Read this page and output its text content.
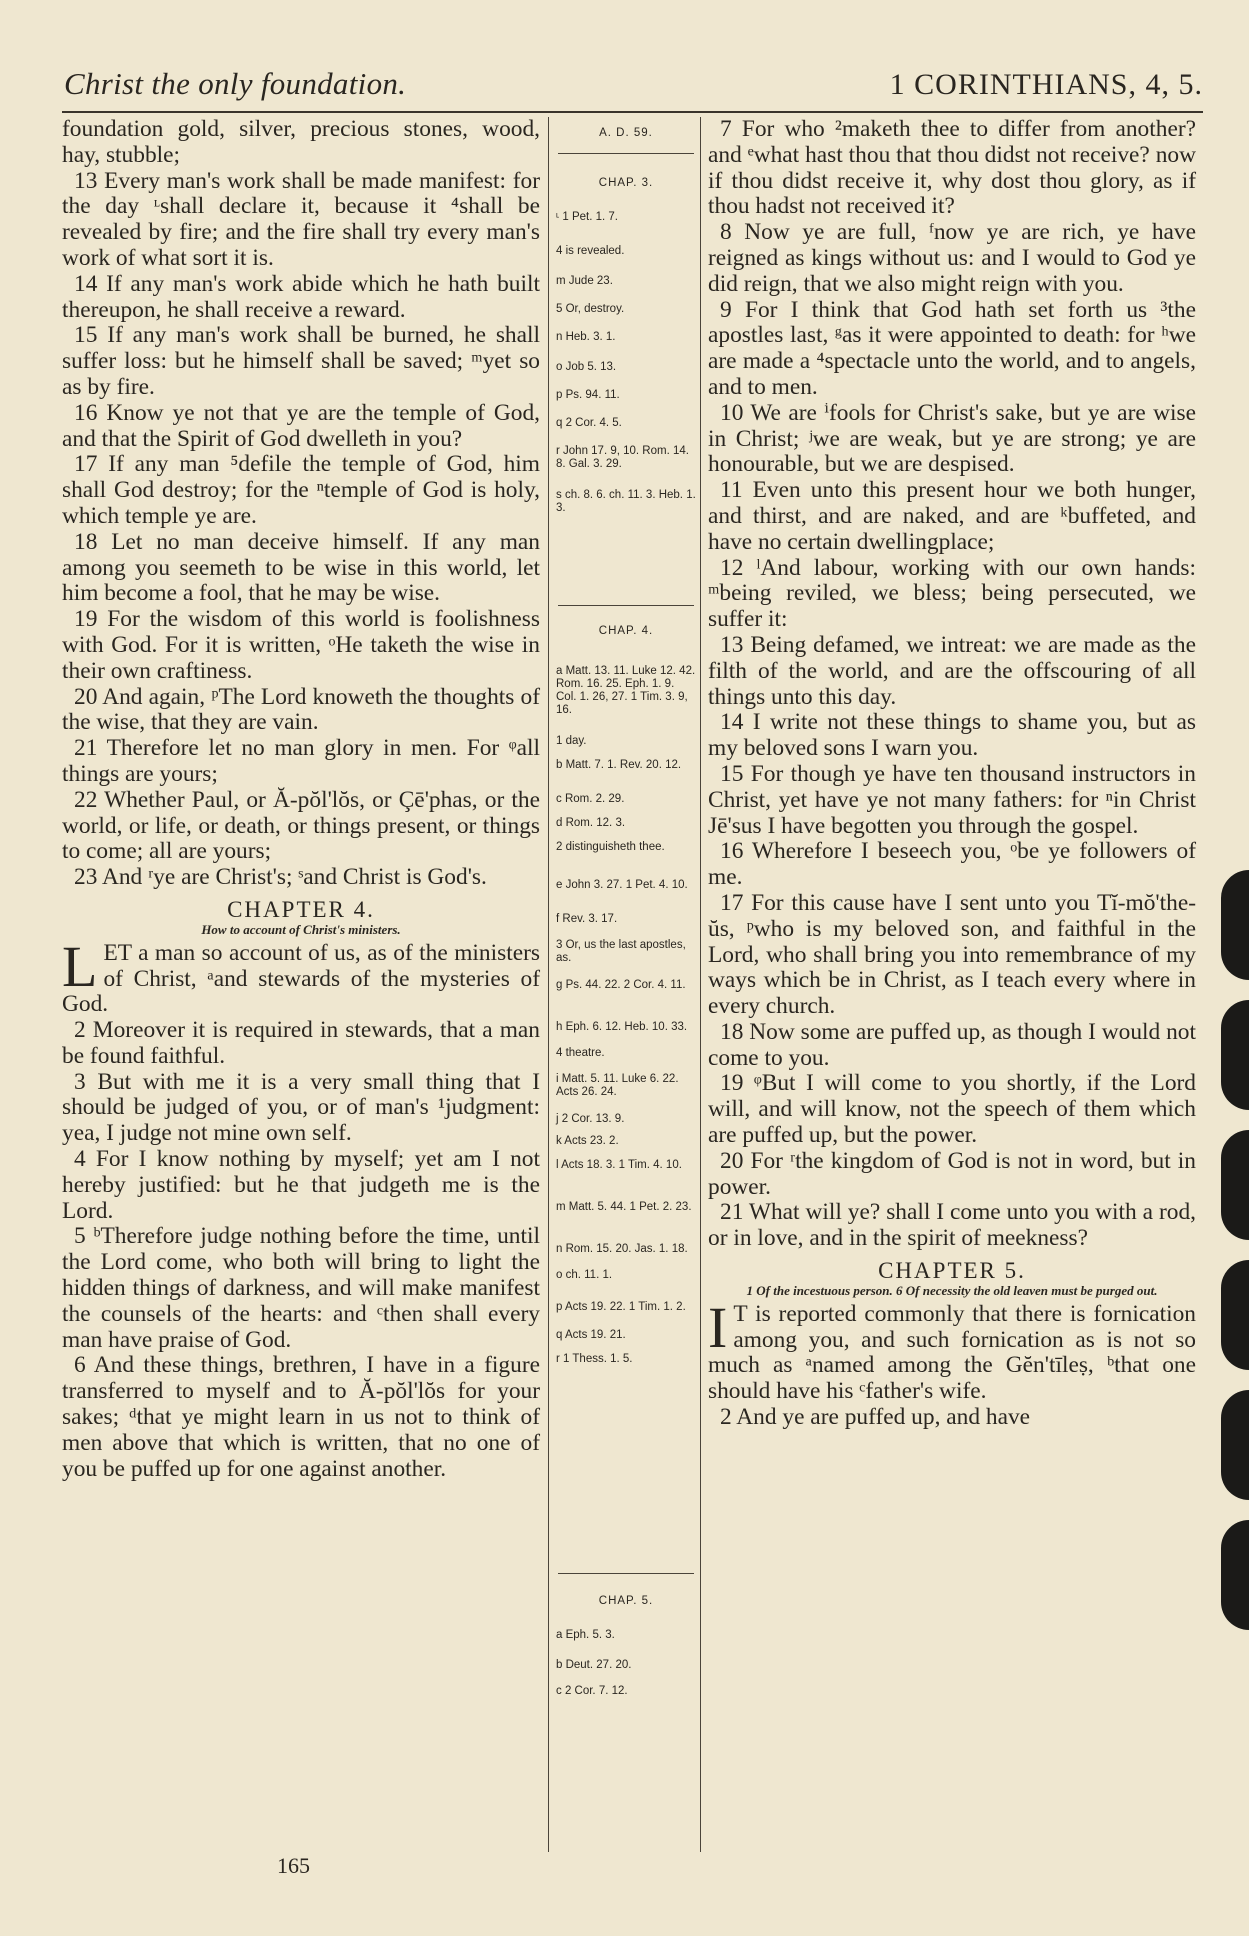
Christ the only foundation.	1 CORINTHIANS, 4, 5.

foundation gold, silver, precious stones, wood, hay, stubble;

13 Every man's work shall be made manifest: for the day ᶫshall declare it, because it ⁴shall be revealed by fire; and the fire shall try every man's work of what sort it is.

14 If any man's work abide which he hath built thereupon, he shall receive a reward.

15 If any man's work shall be burned, he shall suffer loss: but he himself shall be saved; ᵐyet so as by fire.

16 Know ye not that ye are the temple of God, and that the Spirit of God dwelleth in you?

17 If any man ⁵defile the temple of God, him shall God destroy; for the ⁿtemple of God is holy, which temple ye are.

18 Let no man deceive himself. If any man among you seemeth to be wise in this world, let him become a fool, that he may be wise.

19 For the wisdom of this world is foolishness with God. For it is written, ᵒHe taketh the wise in their own craftiness.

20 And again, ᵖThe Lord knoweth the thoughts of the wise, that they are vain.

21 Therefore let no man glory in men. For ᵠall things are yours;

22 Whether Paul, or Ă-pŏl'lŏs, or Çē'phas, or the world, or life, or death, or things present, or things to come; all are yours;

23 And ʳye are Christ's; ˢand Christ is God's.

CHAPTER 4.
How to account of Christ's ministers.

LET a man so account of us, as of the ministers of Christ, ᵃand stewards of the mysteries of God.

2 Moreover it is required in stewards, that a man be found faithful.

3 But with me it is a very small thing that I should be judged of you, or of man's ¹judgment: yea, I judge not mine own self.

4 For I know nothing by myself; yet am I not hereby justified: but he that judgeth me is the Lord.

5 ᵇTherefore judge nothing before the time, until the Lord come, who both will bring to light the hidden things of darkness, and will make manifest the counsels of the hearts: and ᶜthen shall every man have praise of God.

6 And these things, brethren, I have in a figure transferred to myself and to Ă-pŏl'lŏs for your sakes; ᵈthat ye might learn in us not to think of men above that which is written, that no one of you be puffed up for one against another.

A. D. 59.
CHAP. 3.
ᶫ 1 Pet. 1. 7.
4 is revealed.
m Jude 23.
5 Or, destroy.
n Heb. 3. 1.
o Job 5. 13.
p Ps. 94. 11.
q 2 Cor. 4. 5.
r John 17. 9, 10. Rom. 14. 8. Gal. 3. 29.
s ch. 8. 6. ch. 11. 3. Heb. 1. 3.
CHAP. 4.
a Matt. 13. 11. Luke 12. 42. Rom. 16. 25. Eph. 1. 9. Col. 1. 26, 27. 1 Tim. 3. 9, 16.
1 day.
b Matt. 7. 1. Rev. 20. 12.
c Rom. 2. 29.
d Rom. 12. 3.
2 distinguisheth thee.
e John 3. 27. 1 Pet. 4. 10.
f Rev. 3. 17.
3 Or, us the last apostles, as.
g Ps. 44. 22. 2 Cor. 4. 11.
h Eph. 6. 12. Heb. 10. 33.
4 theatre.
i Matt. 5. 11. Luke 6. 22. Acts 26. 24.
j 2 Cor. 13. 9.
k Acts 23. 2.
l Acts 18. 3. 1 Tim. 4. 10.
m Matt. 5. 44. 1 Pet. 2. 23.
n Rom. 15. 20. Jas. 1. 18.
o ch. 11. 1.
p Acts 19. 22. 1 Tim. 1. 2.
q Acts 19. 21.
r 1 Thess. 1. 5.
CHAP. 5.
a Eph. 5. 3.
b Deut. 27. 20.
c 2 Cor. 7. 12.

7 For who ²maketh thee to differ from another? and ᵉwhat hast thou that thou didst not receive? now if thou didst receive it, why dost thou glory, as if thou hadst not received it?

8 Now ye are full, ᶠnow ye are rich, ye have reigned as kings without us: and I would to God ye did reign, that we also might reign with you.

9 For I think that God hath set forth us ³the apostles last, ᵍas it were appointed to death: for ʰwe are made a ⁴spectacle unto the world, and to angels, and to men.

10 We are ⁱfools for Christ's sake, but ye are wise in Christ; ʲwe are weak, but ye are strong; ye are honourable, but we are despised.

11 Even unto this present hour we both hunger, and thirst, and are naked, and are ᵏbuffeted, and have no certain dwellingplace;

12 ˡAnd labour, working with our own hands: ᵐbeing reviled, we bless; being persecuted, we suffer it:

13 Being defamed, we intreat: we are made as the filth of the world, and are the offscouring of all things unto this day.

14 I write not these things to shame you, but as my beloved sons I warn you.

15 For though ye have ten thousand instructors in Christ, yet have ye not many fathers: for ⁿin Christ Jē'sus I have begotten you through the gospel.

16 Wherefore I beseech you, ᵒbe ye followers of me.

17 For this cause have I sent unto you Tĭ-mŏ'the-ŭs, ᵖwho is my beloved son, and faithful in the Lord, who shall bring you into remembrance of my ways which be in Christ, as I teach every where in every church.

18 Now some are puffed up, as though I would not come to you.

19 ᵠBut I will come to you shortly, if the Lord will, and will know, not the speech of them which are puffed up, but the power.

20 For ʳthe kingdom of God is not in word, but in power.

21 What will ye? shall I come unto you with a rod, or in love, and in the spirit of meekness?

CHAPTER 5.
1 Of the incestuous person. 6 Of necessity the old leaven must be purged out.

I T is reported commonly that there is fornication among you, and such fornication as is not so much as ᵃnamed among the Gĕn'tīleṣ, ᵇthat one should have his ᶜfather's wife.

2 And ye are puffed up, and have

165
